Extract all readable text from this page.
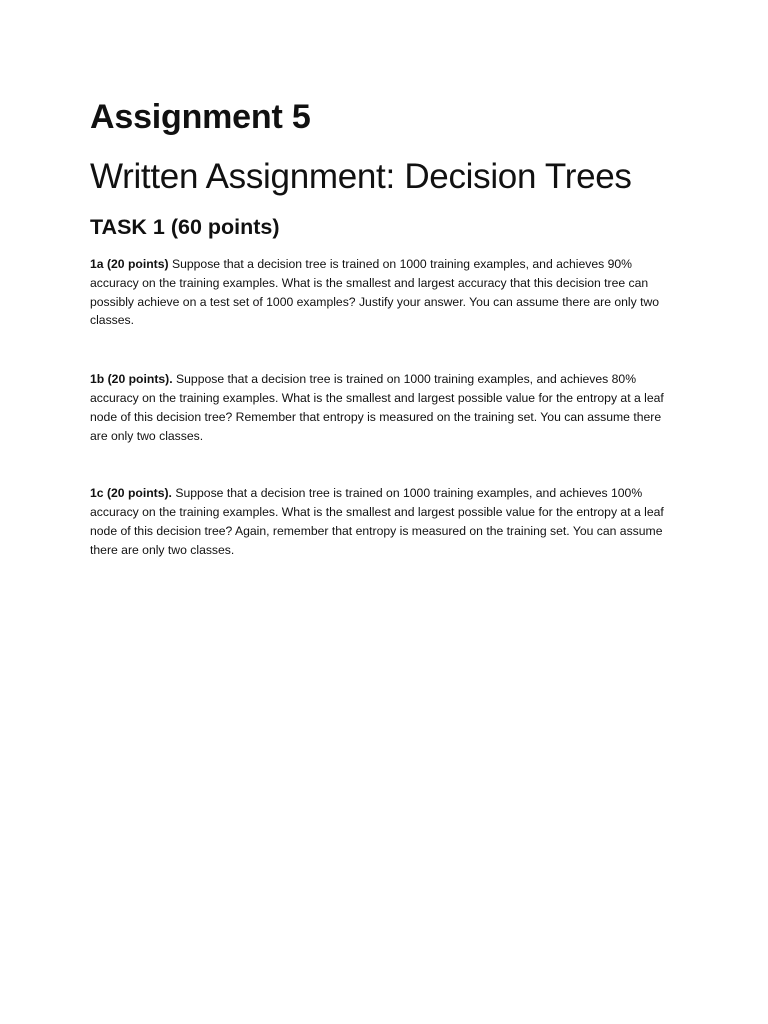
Assignment 5
Written Assignment: Decision Trees
TASK 1 (60 points)

1a (20 points) Suppose that a decision tree is trained on 1000 training examples, and achieves 90% accuracy on the training examples. What is the smallest and largest accuracy that this decision tree can possibly achieve on a test set of 1000 examples? Justify your answer. You can assume there are only two classes.

1b (20 points). Suppose that a decision tree is trained on 1000 training examples, and achieves 80% accuracy on the training examples. What is the smallest and largest possible value for the entropy at a leaf node of this decision tree? Remember that entropy is measured on the training set. You can assume there are only two classes.

1c (20 points). Suppose that a decision tree is trained on 1000 training examples, and achieves 100% accuracy on the training examples. What is the smallest and largest possible value for the entropy at a leaf node of this decision tree? Again, remember that entropy is measured on the training set. You can assume there are only two classes.
